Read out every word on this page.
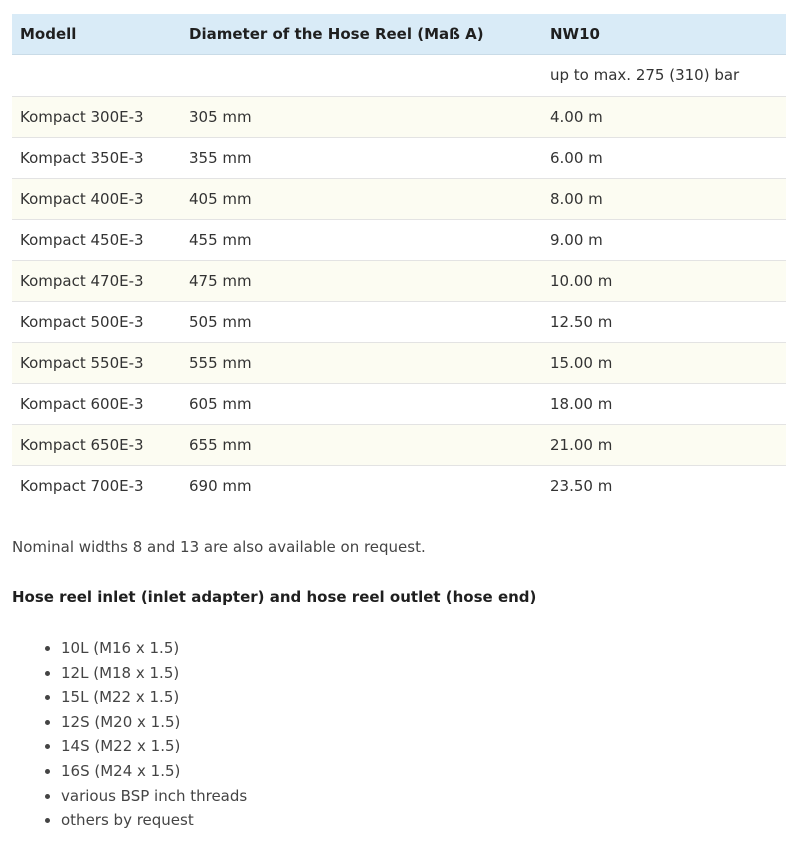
Modell	Diameter of the Hose Reel (Maß A)	NW10
		up to max. 275 (310) bar
Kompact 300E-3	305 mm	4.00 m
Kompact 350E-3	355 mm	6.00 m
Kompact 400E-3	405 mm	8.00 m
Kompact 450E-3	455 mm	9.00 m
Kompact 470E-3	475 mm	10.00 m
Kompact 500E-3	505 mm	12.50 m
Kompact 550E-3	555 mm	15.00 m
Kompact 600E-3	605 mm	18.00 m
Kompact 650E-3	655 mm	21.00 m
Kompact 700E-3	690 mm	23.50 m

Nominal widths 8 and 13 are also available on request.

Hose reel inlet (inlet adapter) and hose reel outlet (hose end)

• 10L (M16 x 1.5)
• 12L (M18 x 1.5)
• 15L (M22 x 1.5)
• 12S (M20 x 1.5)
• 14S (M22 x 1.5)
• 16S (M24 x 1.5)
• various BSP inch threads
• others by request
